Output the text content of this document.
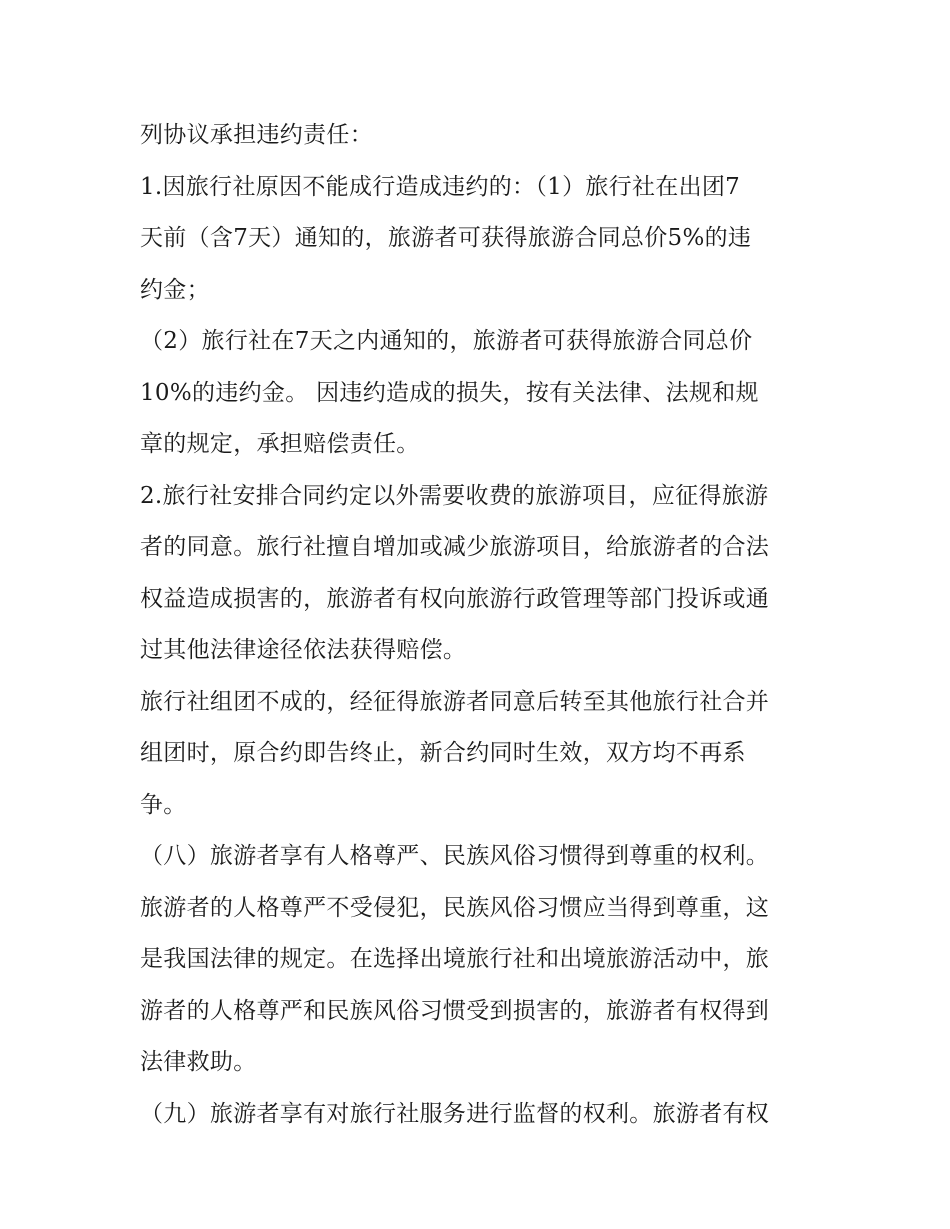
列协议承担违约责任：
1.因旅行社原因不能成行造成违约的：（1）旅行社在出团7
天前（含7天）通知的，旅游者可获得旅游合同总价5%的违
约金；
（2）旅行社在7天之内通知的，旅游者可获得旅游合同总价
10%的违约金。 因违约造成的损失，按有关法律、法规和规
章的规定，承担赔偿责任。
2.旅行社安排合同约定以外需要收费的旅游项目，应征得旅游
者的同意。旅行社擅自增加或减少旅游项目，给旅游者的合法
权益造成损害的，旅游者有权向旅游行政管理等部门投诉或通
过其他法律途径依法获得赔偿。
旅行社组团不成的，经征得旅游者同意后转至其他旅行社合并
组团时，原合约即告终止，新合约同时生效，双方均不再系
争。
（八）旅游者享有人格尊严、民族风俗习惯得到尊重的权利。
旅游者的人格尊严不受侵犯，民族风俗习惯应当得到尊重，这
是我国法律的规定。在选择出境旅行社和出境旅游活动中，旅
游者的人格尊严和民族风俗习惯受到损害的，旅游者有权得到
法律救助。
（九）旅游者享有对旅行社服务进行监督的权利。旅游者有权
